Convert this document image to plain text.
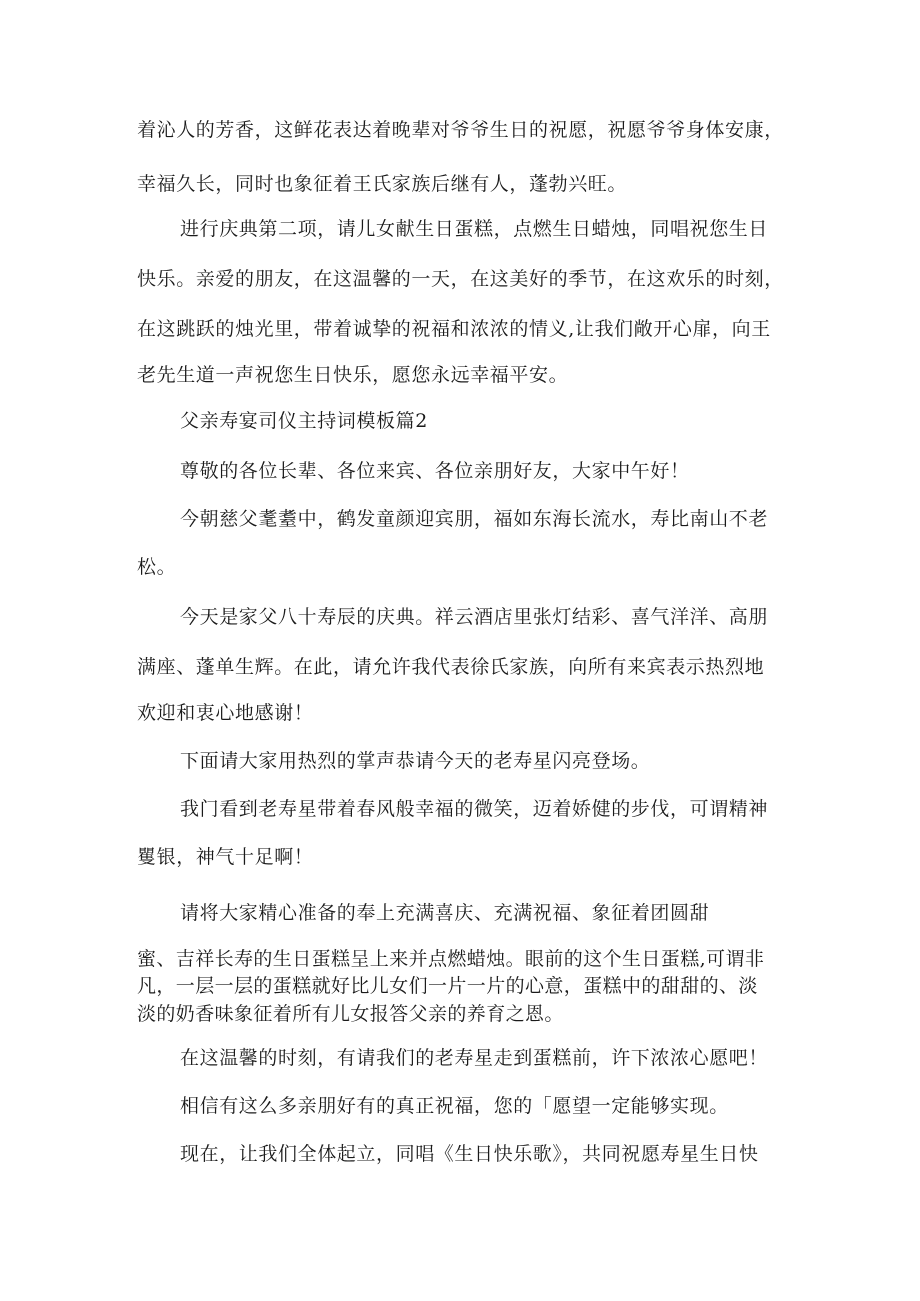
着沁人的芳香，这鲜花表达着晚辈对爷爷生日的祝愿，祝愿爷爷身体安康，

幸福久长，同时也象征着王氏家族后继有人，蓬勃兴旺。

进行庆典第二项，请儿女献生日蛋糕，点燃生日蜡烛，同唱祝您生日

快乐。亲爱的朋友，在这温馨的一天，在这美好的季节，在这欢乐的时刻，

在这跳跃的烛光里，带着诚挚的祝福和浓浓的情义,让我们敞开心扉，向王

老先生道一声祝您生日快乐，愿您永远幸福平安。

父亲寿宴司仪主持词模板篇2

尊敬的各位长辈、各位来宾、各位亲朋好友，大家中午好！

今朝慈父耄耋中，鹤发童颜迎宾朋，福如东海长流水，寿比南山不老

松。

今天是家父八十寿辰的庆典。祥云酒店里张灯结彩、喜气洋洋、高朋

满座、蓬单生辉。在此，请允许我代表徐氏家族，向所有来宾表示热烈地

欢迎和衷心地感谢！

下面请大家用热烈的掌声恭请今天的老寿星闪亮登场。

我门看到老寿星带着春风般幸福的微笑，迈着娇健的步伐，可谓精神

矍银，神气十足啊！

请将大家精心准备的奉上充满喜庆、充满祝福、象征着团圆甜

蜜、吉祥长寿的生日蛋糕呈上来并点燃蜡烛。眼前的这个生日蛋糕,可谓非

凡，一层一层的蛋糕就好比儿女们一片一片的心意，蛋糕中的甜甜的、淡

淡的奶香味象征着所有儿女报答父亲的养育之恩。

在这温馨的时刻，有请我们的老寿星走到蛋糕前，许下浓浓心愿吧！

相信有这么多亲朋好有的真正祝福，您的「愿望一定能够实现。

现在，让我们全体起立，同唱《生日快乐歌》，共同祝愿寿星生日快
